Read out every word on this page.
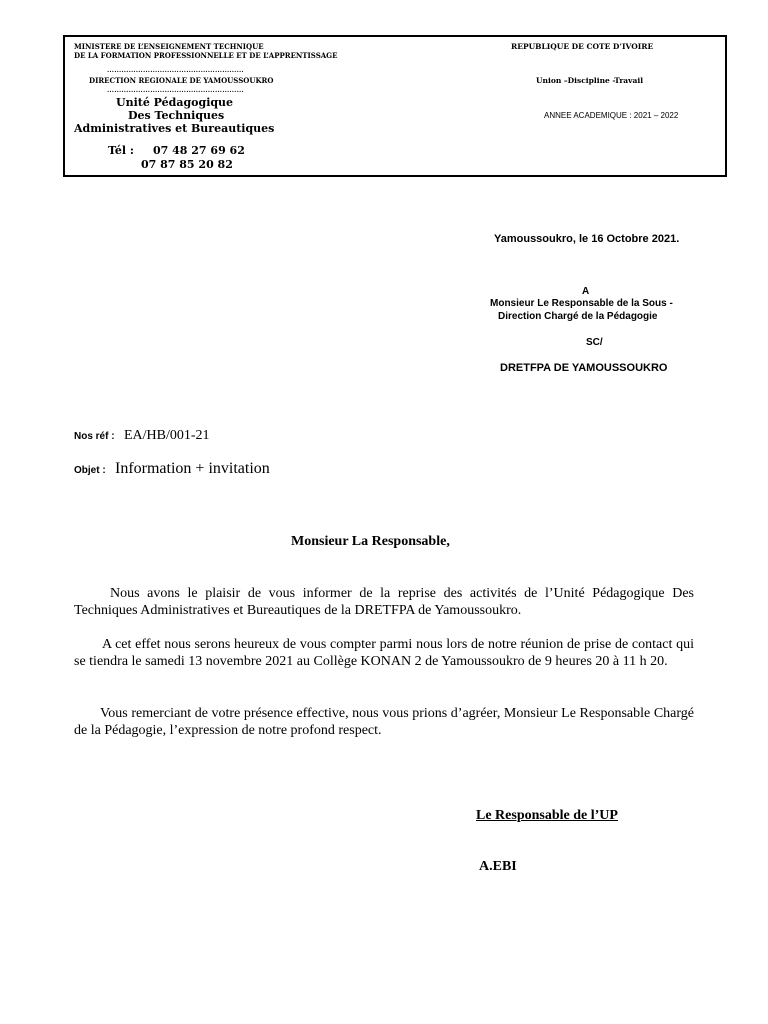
MINISTERE DE L’ENSEIGNEMENT TECHNIQUE
DE LA FORMATION PROFESSIONNELLE ET DE L’APPRENTISSAGE
…………………………………………………
DIRECTION REGIONALE DE YAMOUSSOUKRO
…………………………………………………
Unité Pédagogique
Des Techniques
Administratives et Bureautiques
Tél : 07 48 27 69 62
07 87 85 20 82
REPUBLIQUE DE COTE D’IVOIRE
Union –Discipline -Travail
ANNEE ACADEMIQUE : 2021 – 2022
Yamoussoukro, le 16 Octobre 2021.
A
Monsieur Le Responsable de la Sous -
Direction Chargé de la Pédagogie
SC/
DRETFPA DE YAMOUSSOUKRO
Nos réf : EA/HB/001-21
Objet : Information + invitation
Monsieur La Responsable,

Nous avons le plaisir de vous informer de la reprise des activités de l’Unité Pédagogique Des Techniques Administratives et Bureautiques de la DRETFPA de Yamoussoukro.

A cet effet nous serons heureux de vous compter parmi nous lors de notre réunion de prise de contact qui se tiendra le samedi 13 novembre 2021 au Collège KONAN 2 de Yamoussoukro de 9 heures 20 à 11 h 20.

Vous remerciant de votre présence effective, nous vous prions d’agréer, Monsieur Le Responsable Chargé de la Pédagogie, l’expression de notre profond respect.

Le Responsable de l’UP
A.EBI
